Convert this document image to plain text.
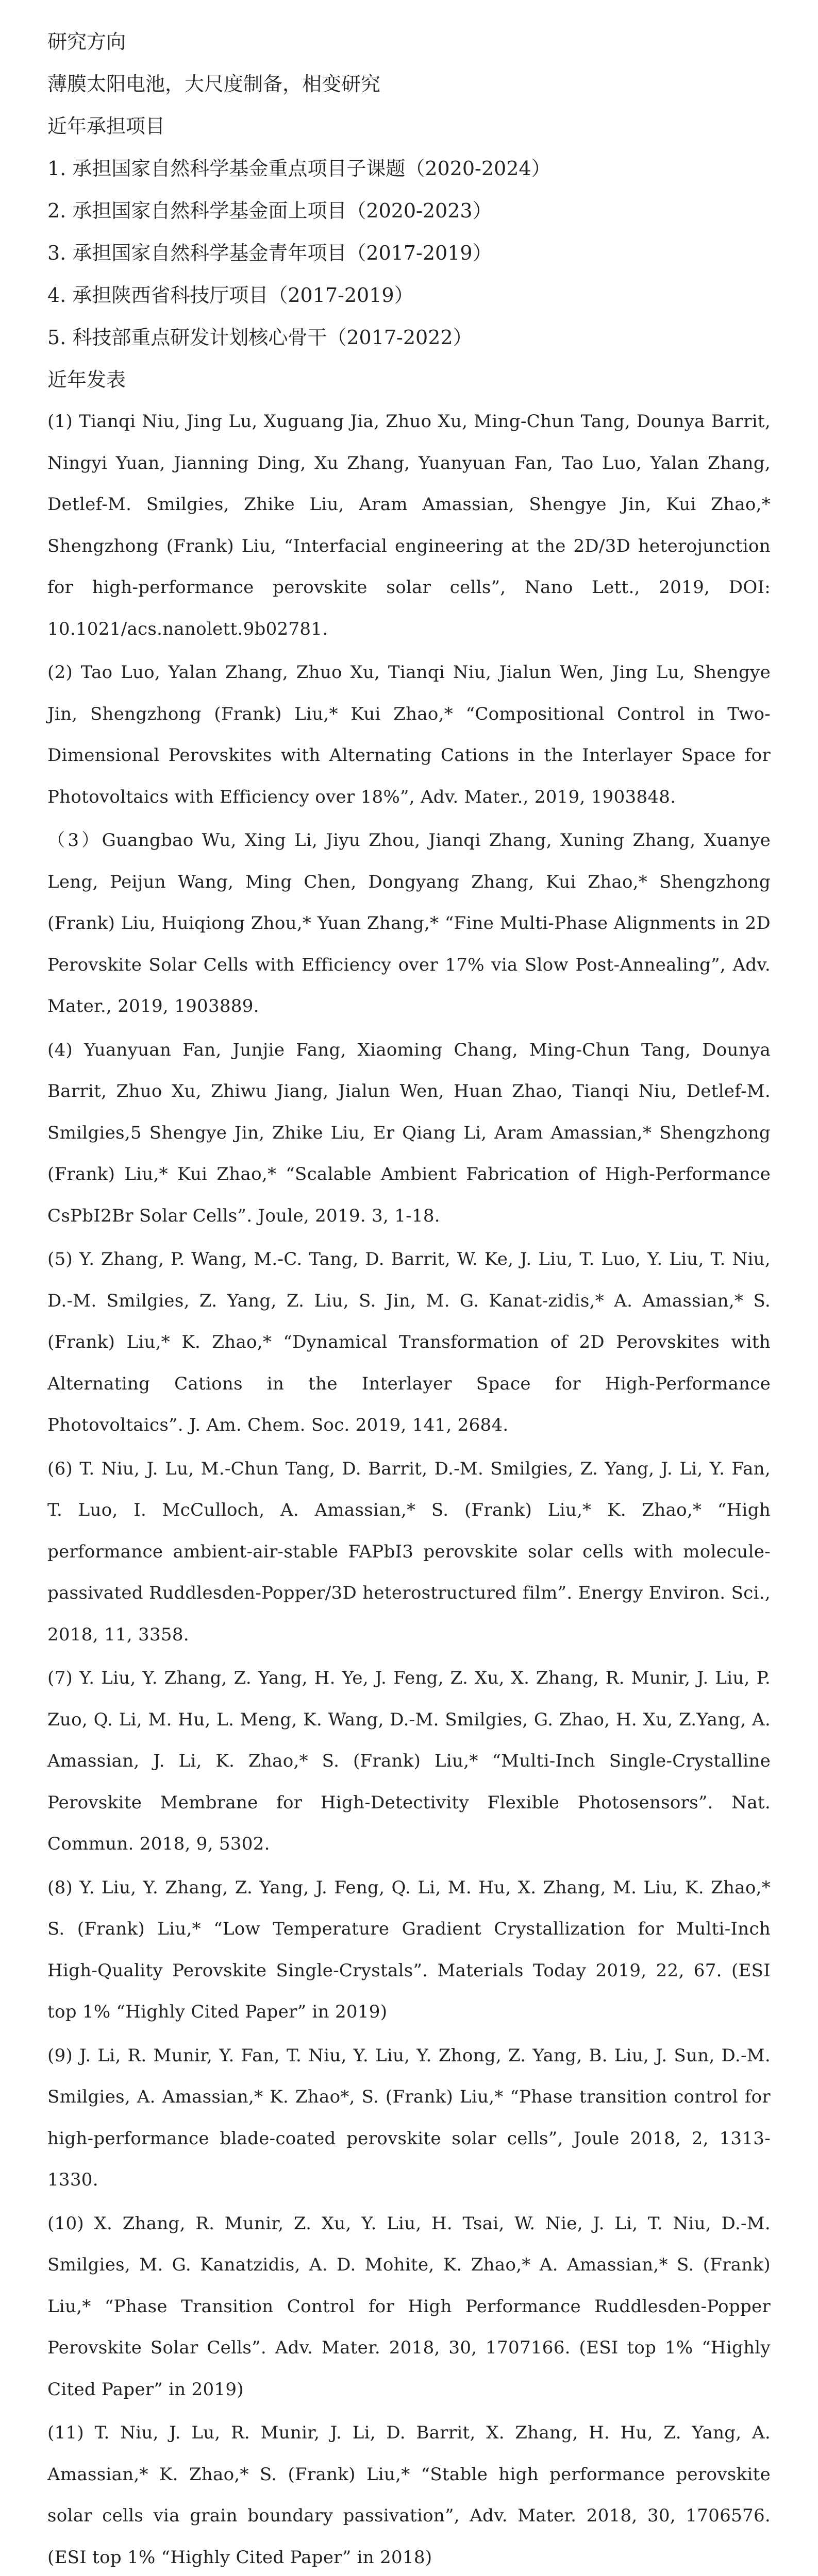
研究方向
薄膜太阳电池，大尺度制备，相变研究
近年承担项目
1. 承担国家自然科学基金重点项目子课题（2020-2024）
2. 承担国家自然科学基金面上项目（2020-2023）
3. 承担国家自然科学基金青年项目（2017-2019）
4. 承担陕西省科技厅项目（2017-2019）
5. 科技部重点研发计划核心骨干（2017-2022）
近年发表

(1) Tianqi Niu, Jing Lu, Xuguang Jia, Zhuo Xu, Ming-Chun Tang, Dounya Barrit, Ningyi Yuan, Jianning Ding, Xu Zhang, Yuanyuan Fan, Tao Luo, Yalan Zhang, Detlef-M. Smilgies, Zhike Liu, Aram Amassian, Shengye Jin, Kui Zhao,* Shengzhong (Frank) Liu, “Interfacial engineering at the 2D/3D heterojunction for high-performance perovskite solar cells”, Nano Lett., 2019, DOI: 10.1021/acs.nanolett.9b02781.

(2) Tao Luo, Yalan Zhang, Zhuo Xu, Tianqi Niu, Jialun Wen, Jing Lu, Shengye Jin, Shengzhong (Frank) Liu,* Kui Zhao,* “Compositional Control in Two-Dimensional Perovskites with Alternating Cations in the Interlayer Space for Photovoltaics with Efficiency over 18%”, Adv. Mater., 2019, 1903848.

（3）Guangbao Wu, Xing Li, Jiyu Zhou, Jianqi Zhang, Xuning Zhang, Xuanye Leng, Peijun Wang, Ming Chen, Dongyang Zhang, Kui Zhao,* Shengzhong (Frank) Liu, Huiqiong Zhou,* Yuan Zhang,* “Fine Multi‐Phase Alignments in 2D Perovskite Solar Cells with Efficiency over 17% via Slow Post‐Annealing”, Adv. Mater., 2019, 1903889.

(4) Yuanyuan Fan, Junjie Fang, Xiaoming Chang, Ming-Chun Tang, Dounya Barrit, Zhuo Xu, Zhiwu Jiang, Jialun Wen, Huan Zhao, Tianqi Niu, Detlef-M. Smilgies,5 Shengye Jin, Zhike Liu, Er Qiang Li, Aram Amassian,* Shengzhong (Frank) Liu,* Kui Zhao,* “Scalable Ambient Fabrication of High-Performance CsPbI2Br Solar Cells”. Joule, 2019. 3, 1-18.

(5) Y. Zhang, P. Wang, M.-C. Tang, D. Barrit, W. Ke, J. Liu, T. Luo, Y. Liu, T. Niu, D.-M. Smilgies, Z. Yang, Z. Liu, S. Jin, M. G. Kanat-zidis,* A. Amassian,* S. (Frank) Liu,* K. Zhao,* “Dynamical Transformation of 2D Perovskites with Alternating Cations in the Interlayer Space for High-Performance Photovoltaics”. J. Am. Chem. Soc. 2019, 141, 2684.

(6) T. Niu, J. Lu, M.-Chun Tang, D. Barrit, D.-M. Smilgies, Z. Yang, J. Li, Y. Fan, T. Luo, I. McCulloch, A. Amassian,* S. (Frank) Liu,* K. Zhao,* “High performance ambient-air-stable FAPbI3 perovskite solar cells with molecule-passivated Ruddlesden-Popper/3D heterostructured film”. Energy Environ. Sci., 2018, 11, 3358.

(7) Y. Liu, Y. Zhang, Z. Yang, H. Ye, J. Feng, Z. Xu, X. Zhang, R. Munir, J. Liu, P. Zuo, Q. Li, M. Hu, L. Meng, K. Wang, D.-M. Smilgies, G. Zhao, H. Xu, Z.Yang, A. Amassian, J. Li, K. Zhao,* S. (Frank) Liu,* “Multi-Inch Single-Crystalline Perovskite Membrane for High-Detectivity Flexible Photosensors”. Nat. Commun. 2018, 9, 5302.

(8) Y. Liu, Y. Zhang, Z. Yang, J. Feng, Q. Li, M. Hu, X. Zhang, M. Liu, K. Zhao,* S. (Frank) Liu,* “Low Temperature Gradient Crystallization for Multi-Inch High-Quality Perovskite Single-Crystals”. Materials Today 2019, 22, 67. (ESI top 1% “Highly Cited Paper” in 2019)

(9) J. Li, R. Munir, Y. Fan, T. Niu, Y. Liu, Y. Zhong, Z. Yang, B. Liu, J. Sun, D.-M. Smilgies, A. Amassian,* K. Zhao*, S. (Frank) Liu,* “Phase transition control for high-performance blade-coated perovskite solar cells”, Joule 2018, 2, 1313-1330.

(10) X. Zhang, R. Munir, Z. Xu, Y. Liu, H. Tsai, W. Nie, J. Li, T. Niu, D.-M. Smilgies, M. G. Kanatzidis, A. D. Mohite, K. Zhao,* A. Amassian,* S. (Frank) Liu,* “Phase Transition Control for High Performance Ruddlesden‐Popper Perovskite Solar Cells”. Adv. Mater. 2018, 30, 1707166. (ESI top 1% “Highly Cited Paper” in 2019)

(11) T. Niu, J. Lu, R. Munir, J. Li, D. Barrit, X. Zhang, H. Hu, Z. Yang, A. Amassian,* K. Zhao,* S. (Frank) Liu,* “Stable high performance perovskite solar cells via grain boundary passivation”, Adv. Mater. 2018, 30, 1706576. (ESI top 1% “Highly Cited Paper” in 2018)
